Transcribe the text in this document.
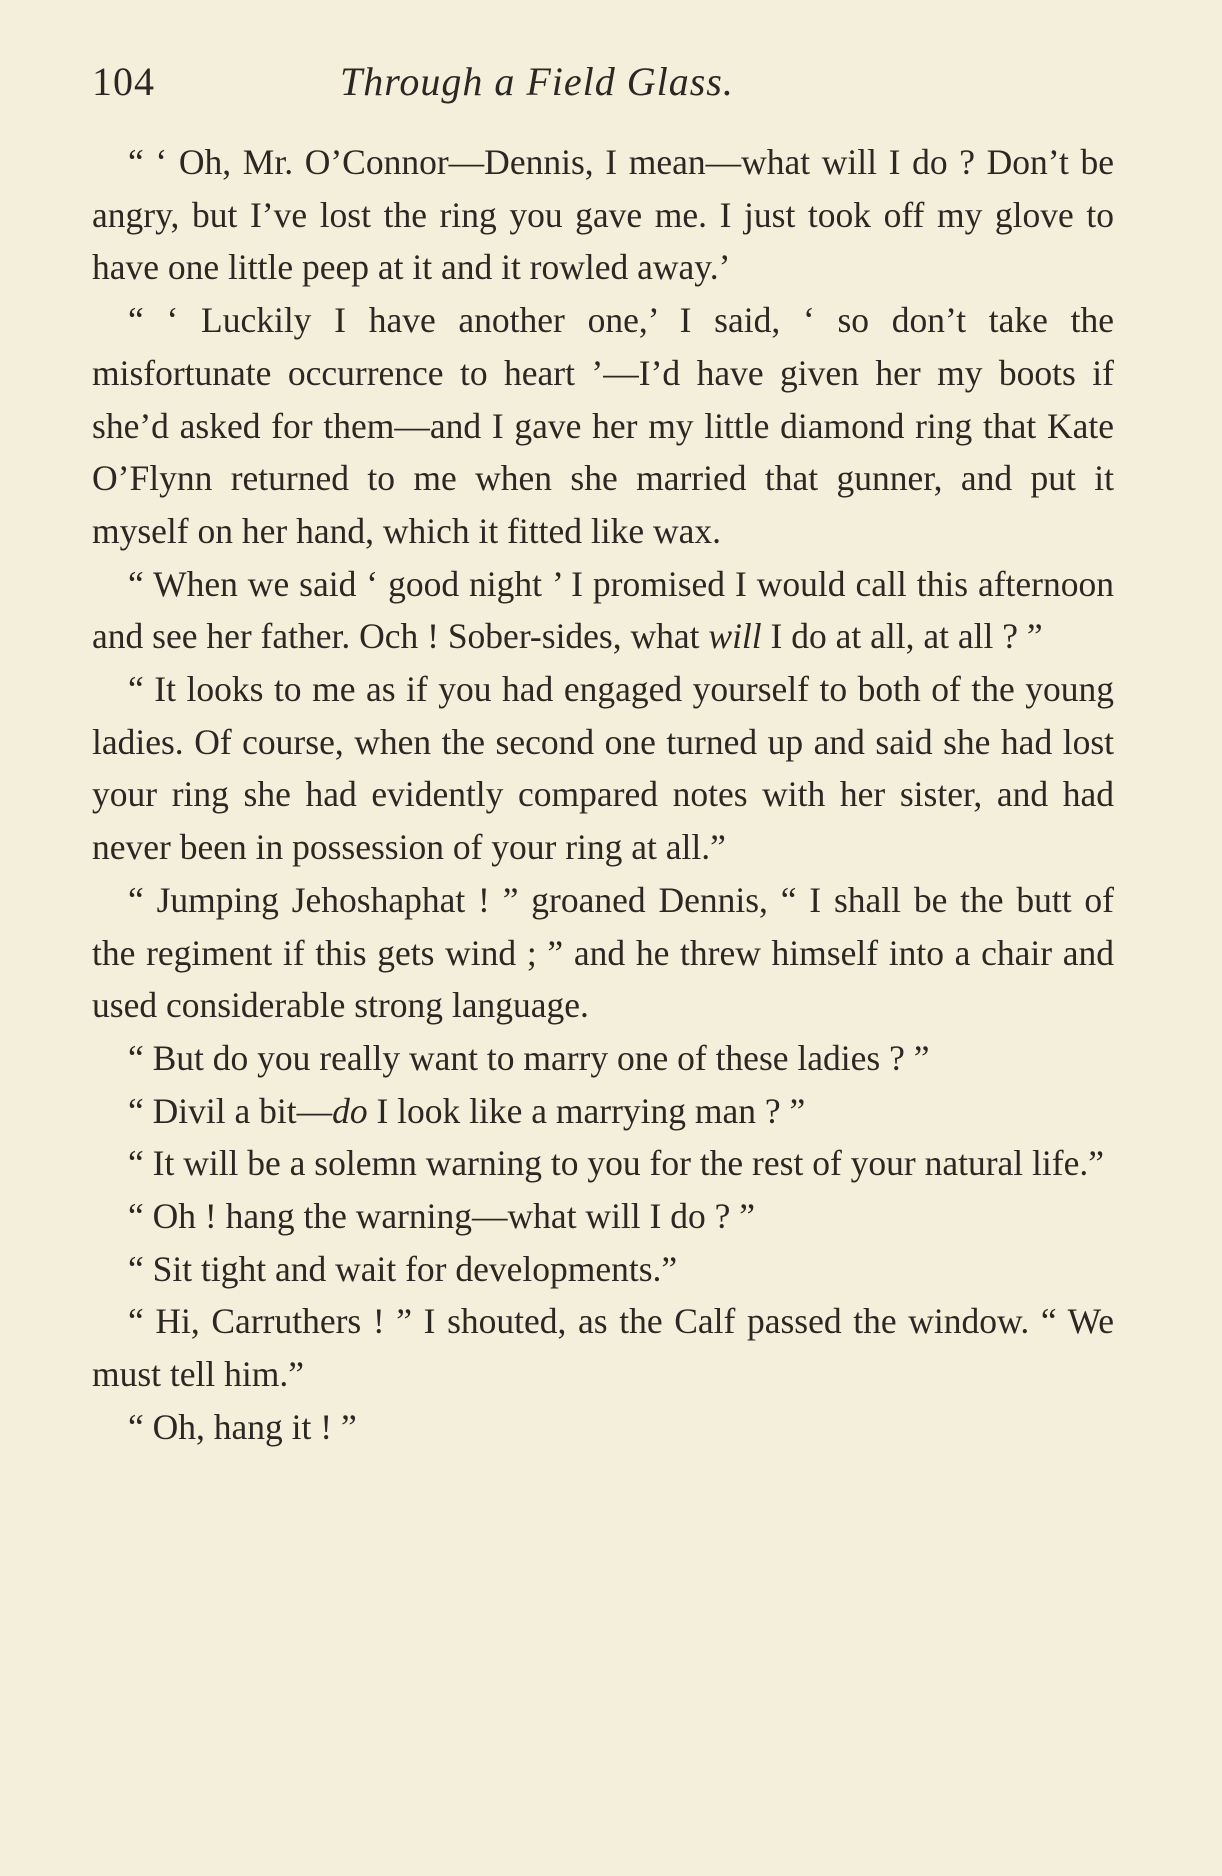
104	Through a Field Glass.

“ ‘ Oh, Mr. O’Connor—Dennis, I mean—what will I do ? Don’t be angry, but I’ve lost the ring you gave me. I just took off my glove to have one little peep at it and it rowled away.’

“ ‘ Luckily I have another one,’ I said, ‘ so don’t take the misfortunate occurrence to heart ’—I’d have given her my boots if she’d asked for them—and I gave her my little diamond ring that Kate O’Flynn returned to me when she married that gunner, and put it myself on her hand, which it fitted like wax.

“ When we said ‘ good night ’ I promised I would call this afternoon and see her father. Och ! Sober-sides, what will I do at all, at all ? ”

“ It looks to me as if you had engaged yourself to both of the young ladies. Of course, when the second one turned up and said she had lost your ring she had evidently compared notes with her sister, and had never been in possession of your ring at all.”

“ Jumping Jehoshaphat ! ” groaned Dennis, “ I shall be the butt of the regiment if this gets wind ; ” and he threw himself into a chair and used considerable strong language.

“ But do you really want to marry one of these ladies ? ”

“ Divil a bit—do I look like a marrying man ? ”

“ It will be a solemn warning to you for the rest of your natural life.”

“ Oh ! hang the warning—what will I do ? ”

“ Sit tight and wait for developments.”

“ Hi, Carruthers ! ” I shouted, as the Calf passed the window. “ We must tell him.”

“ Oh, hang it ! ”
